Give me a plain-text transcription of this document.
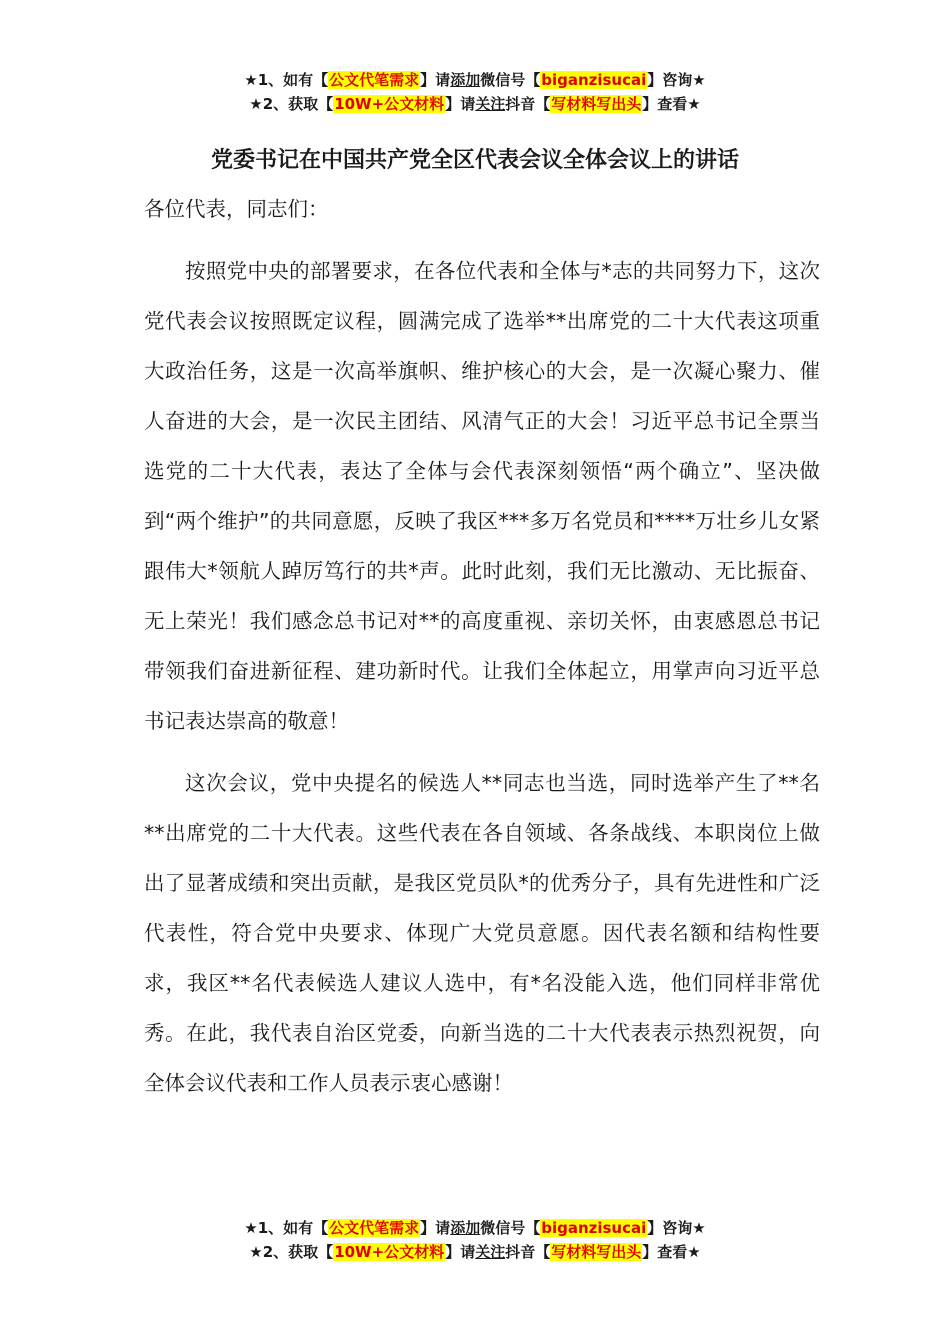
★1、如有【公文代笔需求】请添加微信号【biganzisucai】咨询★
★2、获取【10W+公文材料】请关注抖音【写材料写出头】查看★
党委书记在中国共产党全区代表会议全体会议上的讲话

各位代表，同志们：

按照党中央的部署要求，在各位代表和全体与*志的共同努力下，这次党代表会议按照既定议程，圆满完成了选举**出席党的二十大代表这项重大政治任务，这是一次高举旗帜、维护核心的大会，是一次凝心聚力、催人奋进的大会，是一次民主团结、风清气正的大会！习近平总书记全票当选党的二十大代表，表达了全体与会代表深刻领悟“两个确立”、坚决做到“两个维护”的共同意愿，反映了我区***多万名党员和****万壮乡儿女紧跟伟大*领航人踔厉笃行的共*声。此时此刻，我们无比激动、无比振奋、无上荣光！我们感念总书记对**的高度重视、亲切关怀，由衷感恩总书记带领我们奋进新征程、建功新时代。让我们全体起立，用掌声向习近平总书记表达崇高的敬意！

这次会议，党中央提名的候选人**同志也当选，同时选举产生了**名**出席党的二十大代表。这些代表在各自领域、各条战线、本职岗位上做出了显著成绩和突出贡献，是我区党员队*的优秀分子，具有先进性和广泛代表性，符合党中央要求、体现广大党员意愿。因代表名额和结构性要求，我区**名代表候选人建议人选中，有*名没能入选，他们同样非常优秀。在此，我代表自治区党委，向新当选的二十大代表表示热烈祝贺，向全体会议代表和工作人员表示衷心感谢！

★1、如有【公文代笔需求】请添加微信号【biganzisucai】咨询★
★2、获取【10W+公文材料】请关注抖音【写材料写出头】查看★
